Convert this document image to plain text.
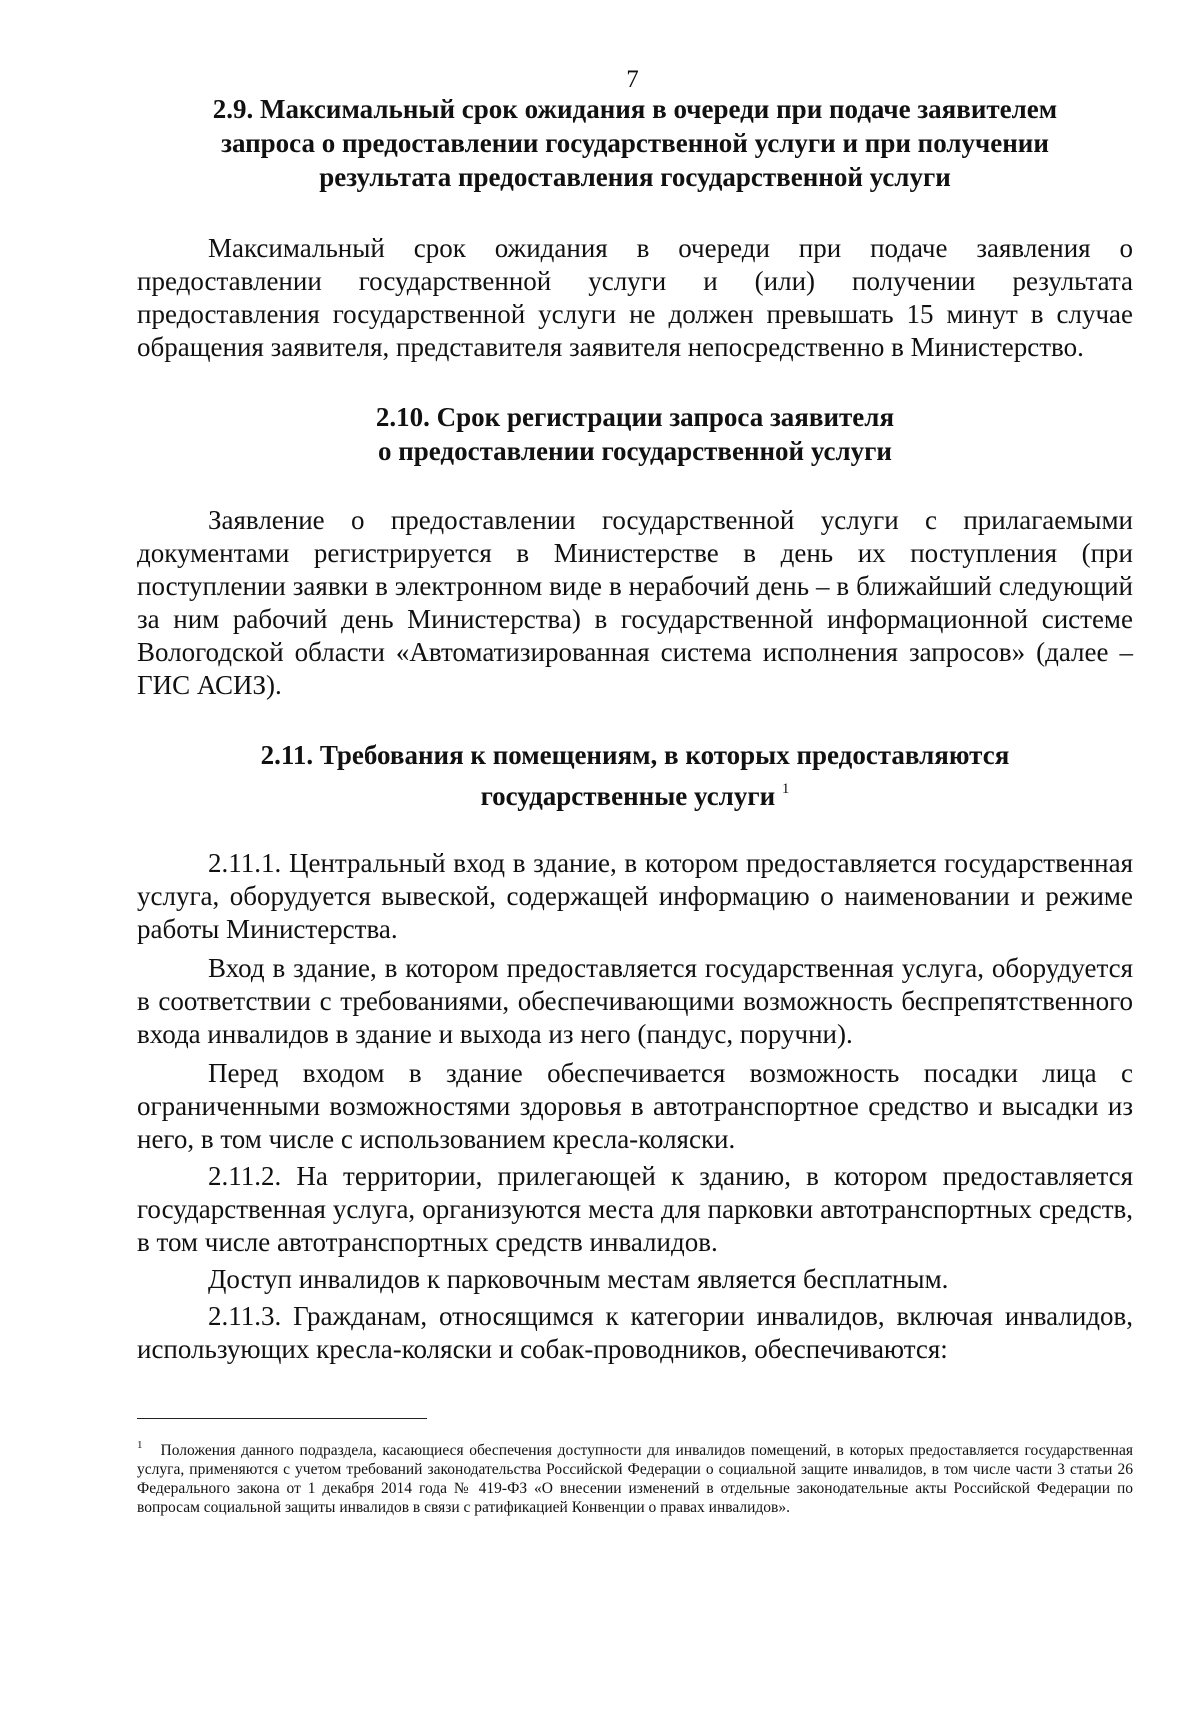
7
2.9. Максимальный срок ожидания в очереди при подаче заявителем
запроса о предоставлении государственной услуги и при получении
результата предоставления государственной услуги

Максимальный срок ожидания в очереди при подаче заявления о предоставлении государственной услуги и (или) получении результата предоставления государственной услуги не должен превышать 15 минут в случае обращения заявителя, представителя заявителя непосредственно в Министерство.

2.10. Срок регистрации запроса заявителя
о предоставлении государственной услуги

Заявление о предоставлении государственной услуги с прилагаемыми документами регистрируется в Министерстве в день их поступления (при поступлении заявки в электронном виде в нерабочий день – в ближайший следующий за ним рабочий день Министерства) в государственной информационной системе Вологодской области «Автоматизированная система исполнения запросов» (далее – ГИС АСИЗ).

2.11. Требования к помещениям, в которых предоставляются
государственные услуги $^1$

2.11.1. Центральный вход в здание, в котором предоставляется государственная услуга, оборудуется вывеской, содержащей информацию о наименовании и режиме работы Министерства.

Вход в здание, в котором предоставляется государственная услуга, оборудуется в соответствии с требованиями, обеспечивающими возможность беспрепятственного входа инвалидов в здание и выхода из него (пандус, поручни).

Перед входом в здание обеспечивается возможность посадки лица с ограниченными возможностями здоровья в автотранспортное средство и высадки из него, в том числе с использованием кресла-коляски.

2.11.2. На территории, прилегающей к зданию, в котором предоставляется государственная услуга, организуются места для парковки автотранспортных средств, в том числе автотранспортных средств инвалидов.

Доступ инвалидов к парковочным местам является бесплатным.

2.11.3. Гражданам, относящимся к категории инвалидов, включая инвалидов, использующих кресла-коляски и собак-проводников, обеспечиваются:

$^1$ Положения данного подраздела, касающиеся обеспечения доступности для инвалидов помещений, в которых предоставляется государственная услуга, применяются с учетом требований законодательства Российской Федерации о социальной защите инвалидов, в том числе части 3 статьи 26 Федерального закона от 1 декабря 2014 года № 419-ФЗ «О внесении изменений в отдельные законодательные акты Российской Федерации по вопросам социальной защиты инвалидов в связи с ратификацией Конвенции о правах инвалидов».
